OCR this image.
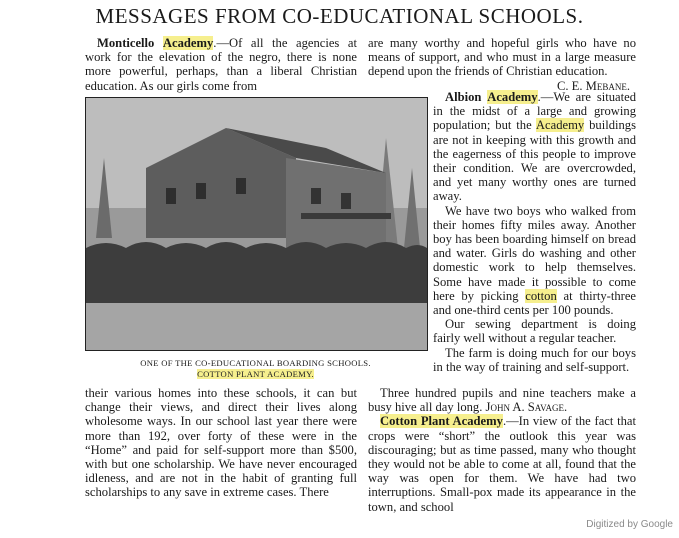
MESSAGES FROM CO-EDUCATIONAL SCHOOLS.

Monticello Academy.—Of all the agencies at work for the elevation of the negro, there is none more powerful, perhaps, than a liberal Christian education. As our girls come from

are many worthy and hopeful girls who have no means of support, and who must in a large measure depend upon the friends of Christian education.

C. E. Mebane.

ONE OF THE CO-EDUCATIONAL BOARDING SCHOOLS.
COTTON PLANT ACADEMY.

Albion Academy.—We are situated in the midst of a large and growing population; but the Academy buildings are not in keeping with this growth and the eagerness of this people to improve their condition. We are overcrowded, and yet many worthy ones are turned away.

We have two boys who walked from their homes fifty miles away. Another boy has been boarding himself on bread and water. Girls do washing and other domestic work to help themselves. Some have made it possible to come here by picking cotton at thirty-three and one-third cents per 100 pounds.

Our sewing department is doing fairly well without a regular teacher.

The farm is doing much for our boys in the way of training and self-support.

Three hundred pupils and nine teachers make a busy hive all day long. John A. Savage.

Cotton Plant Academy.—In view of the fact that crops were “short” the outlook this year was discouraging; but as time passed, many who thought they would not be able to come at all, found that the way was open for them. We have had two interruptions. Small-pox made its appearance in the town, and school

their various homes into these schools, it can but change their views, and direct their lives along wholesome ways. In our school last year there were more than 192, over forty of these were in the “Home” and paid for self-support more than $500, with but one scholarship. We have never encouraged idleness, and are not in the habit of granting full scholarships to any save in extreme cases. There

Digitized by Google
